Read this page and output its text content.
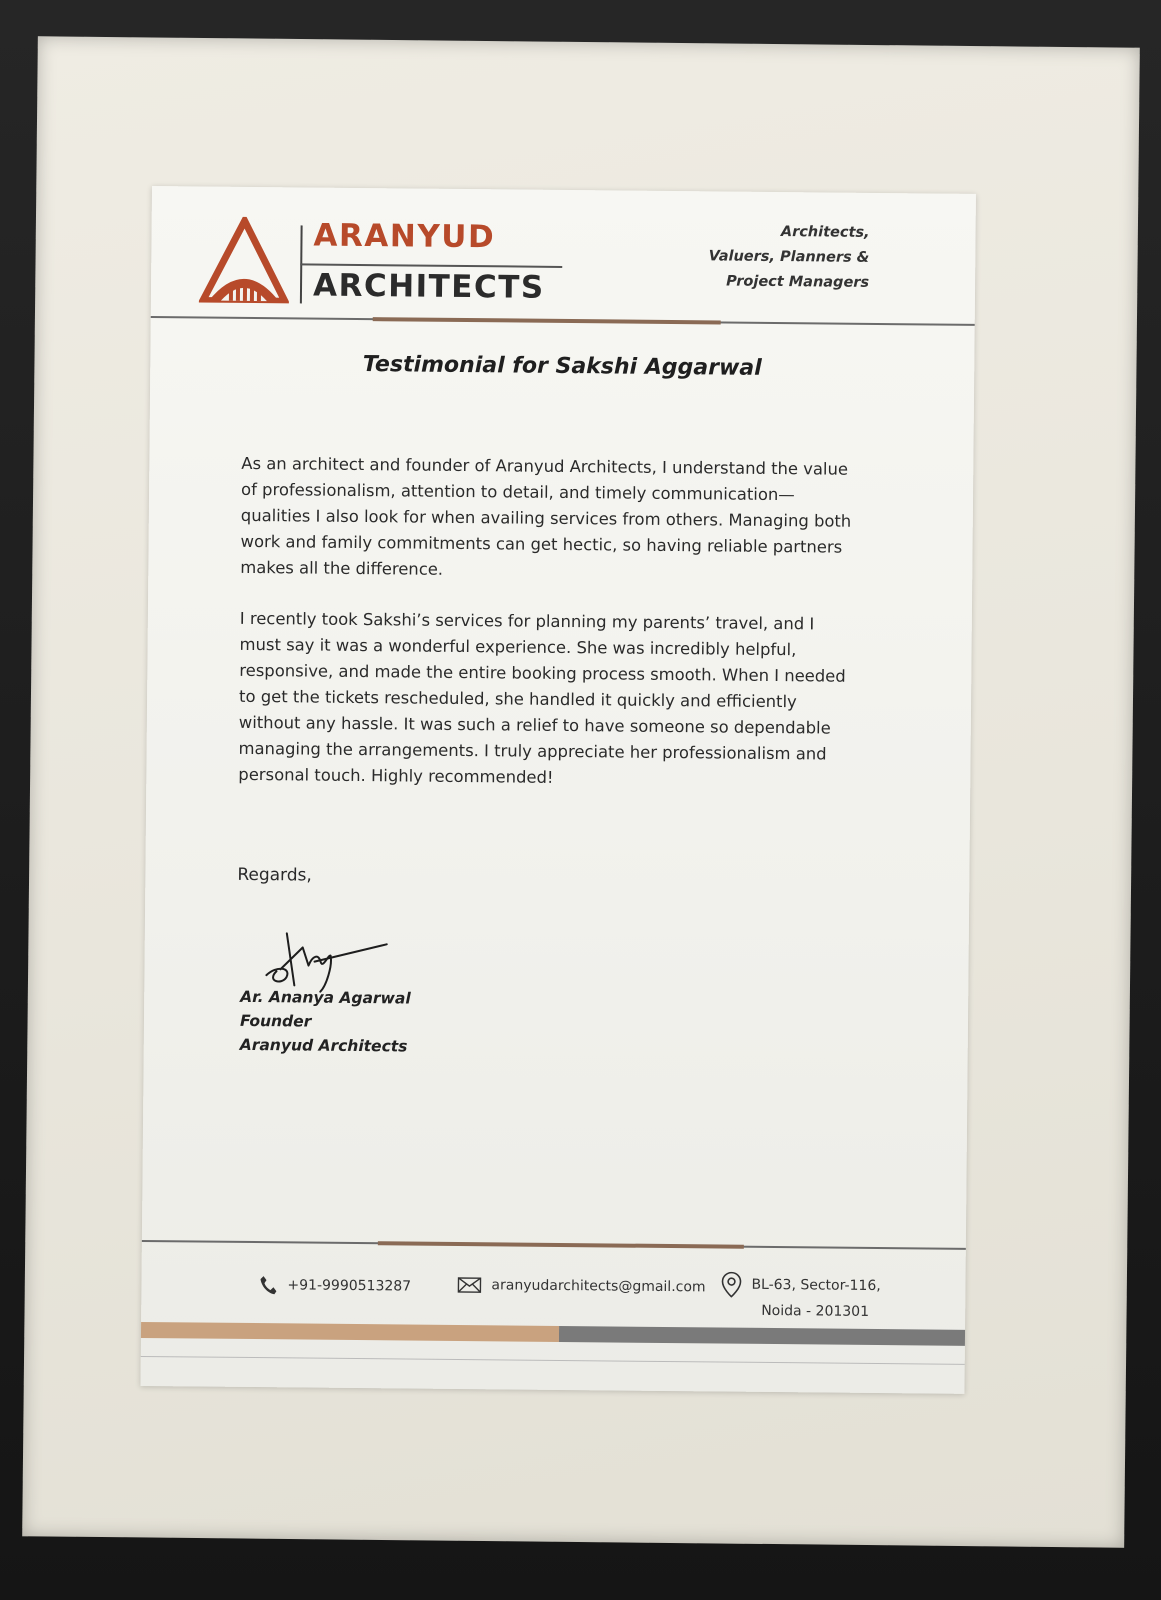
ARANYUD
ARCHITECTS
Architects,
Valuers, Planners &
Project Managers
Testimonial for Sakshi Aggarwal

As an architect and founder of Aranyud Architects, I understand the value of professionalism, attention to detail, and timely communication—qualities I also look for when availing services from others. Managing both work and family commitments can get hectic, so having reliable partners makes all the difference.

I recently took Sakshi’s services for planning my parents’ travel, and I must say it was a wonderful experience. She was incredibly helpful, responsive, and made the entire booking process smooth. When I needed to get the tickets rescheduled, she handled it quickly and efficiently without any hassle. It was such a relief to have someone so dependable managing the arrangements. I truly appreciate her professionalism and personal touch. Highly recommended!

Regards,
Ar. Ananya Agarwal
Founder
Aranyud Architects
+91-9990513287	aranyudarchitects@gmail.com	BL-63, Sector-116,
Noida - 201301
